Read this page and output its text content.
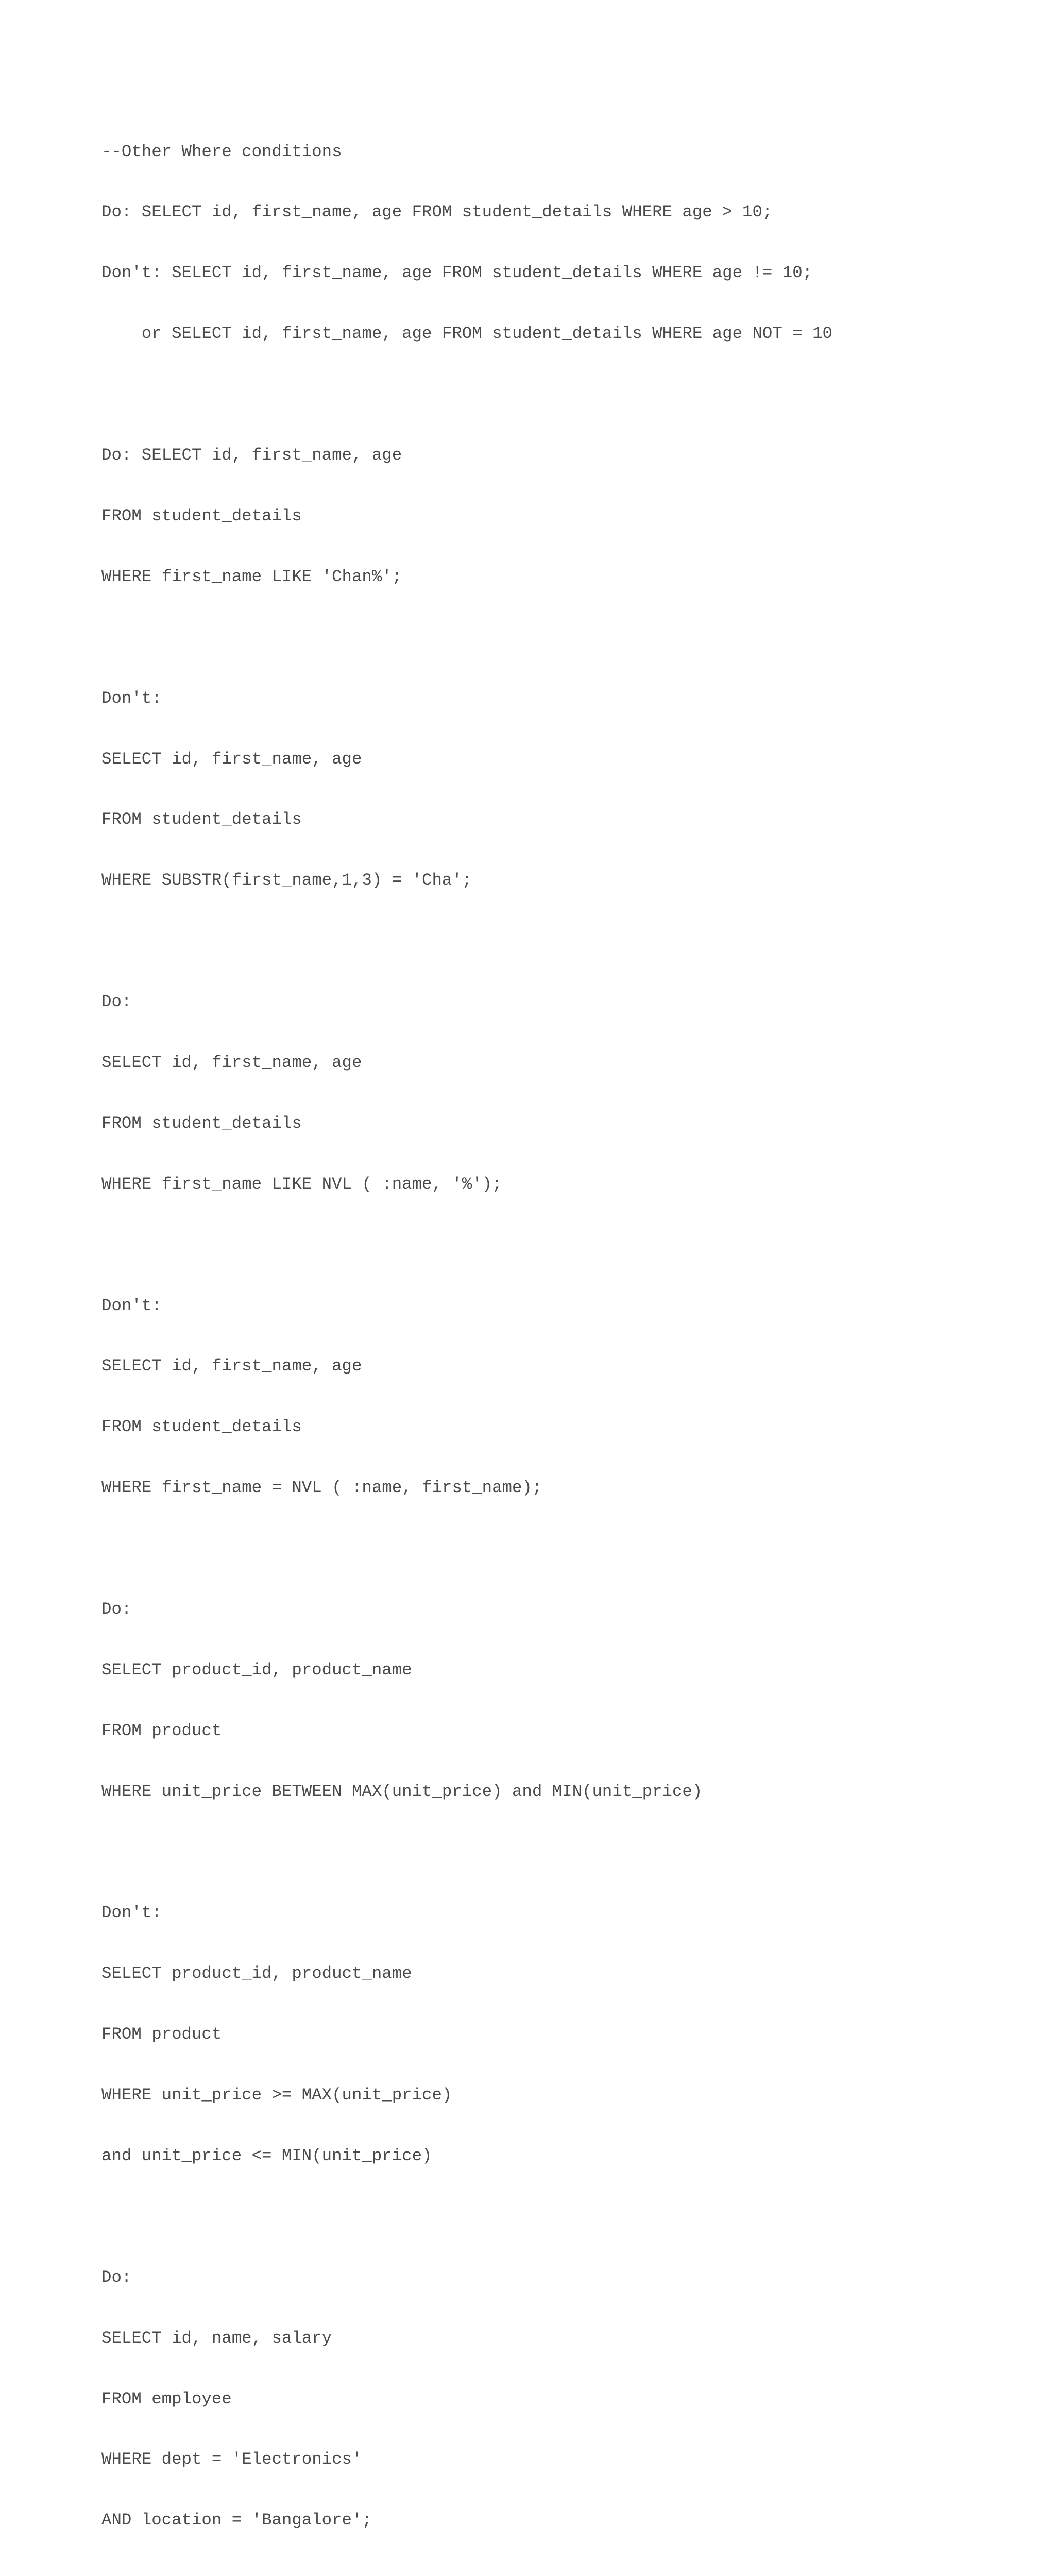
--Other Where conditions

Do: SELECT id, first_name, age FROM student_details WHERE age > 10;

Don't: SELECT id, first_name, age FROM student_details WHERE age != 10;

or SELECT id, first_name, age FROM student_details WHERE age NOT = 10

Do: SELECT id, first_name, age

FROM student_details

WHERE first_name LIKE 'Chan%';

Don't:

SELECT id, first_name, age

FROM student_details

WHERE SUBSTR(first_name,1,3) = 'Cha';

Do:

SELECT id, first_name, age

FROM student_details

WHERE first_name LIKE NVL ( :name, '%');

Don't:

SELECT id, first_name, age

FROM student_details

WHERE first_name = NVL ( :name, first_name);

Do:

SELECT product_id, product_name

FROM product

WHERE unit_price BETWEEN MAX(unit_price) and MIN(unit_price)

Don't:

SELECT product_id, product_name

FROM product

WHERE unit_price >= MAX(unit_price)

and unit_price <= MIN(unit_price)

Do:

SELECT id, name, salary

FROM employee

WHERE dept = 'Electronics'

AND location = 'Bangalore';
